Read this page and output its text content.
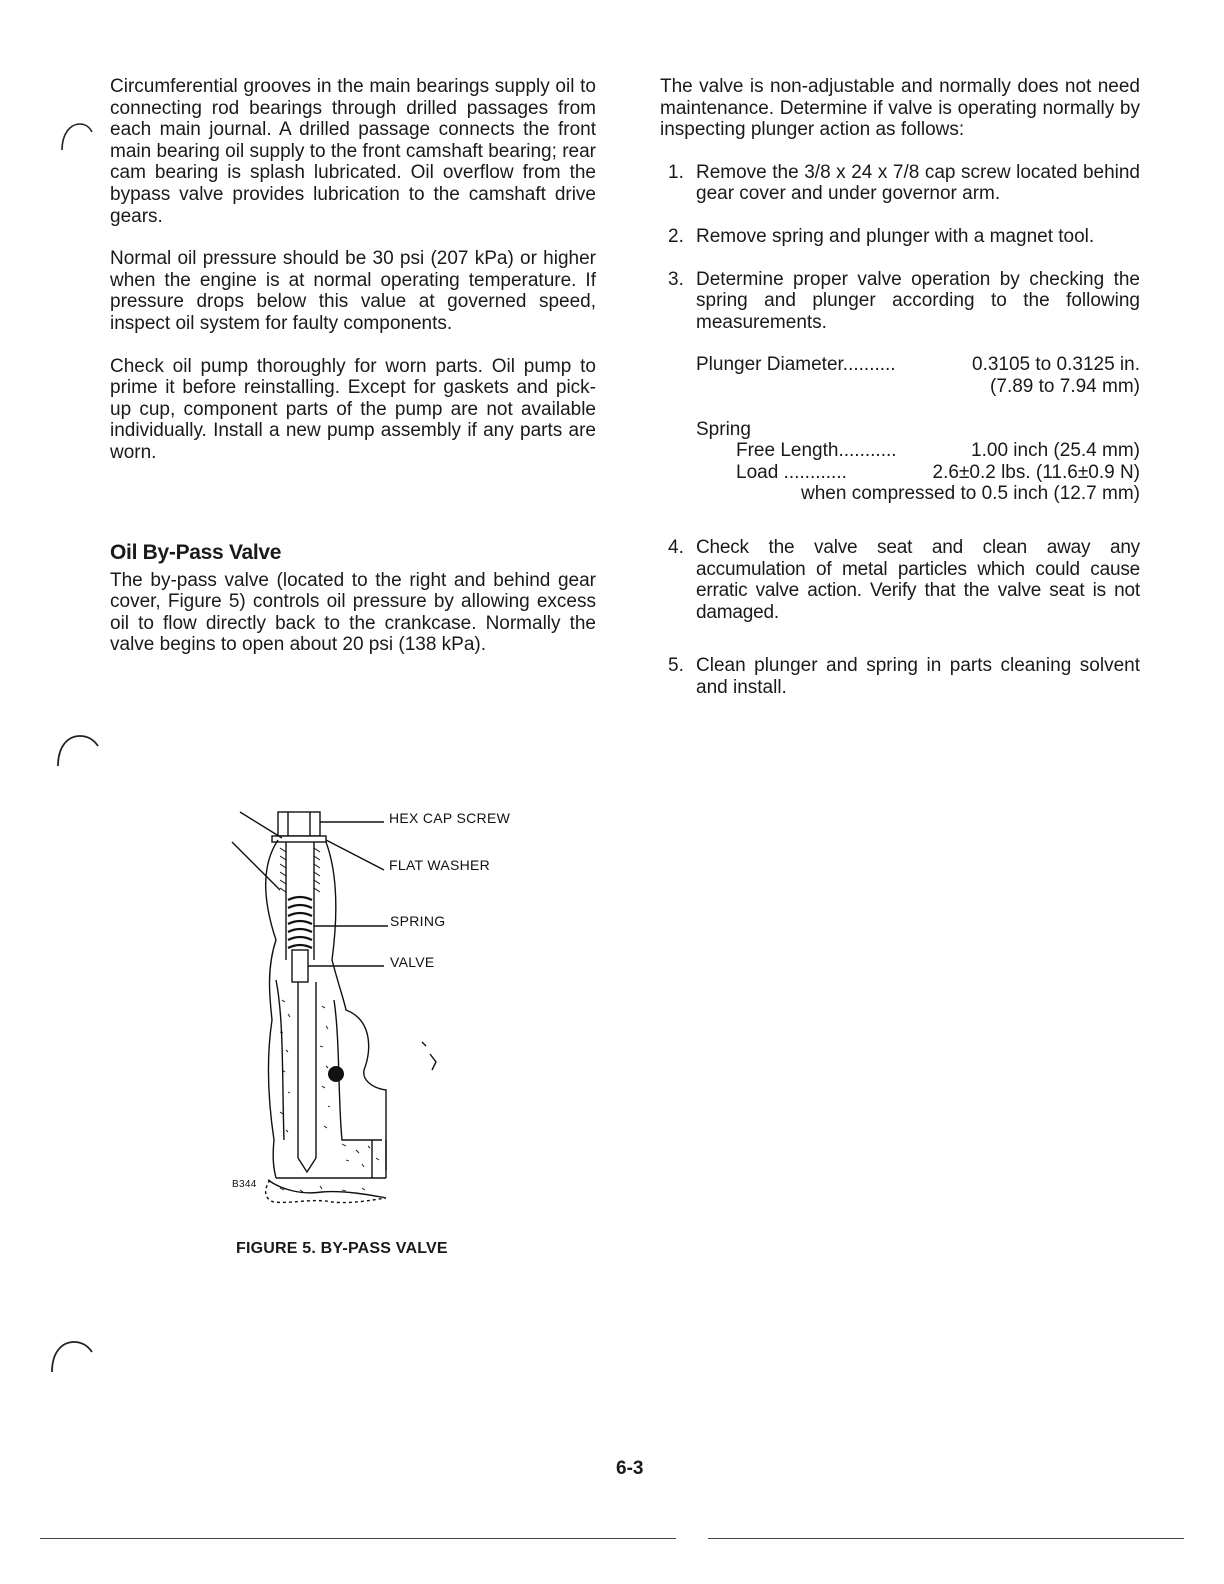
Circumferential grooves in the main bearings supply oil to connecting rod bearings through drilled passages from each main journal. A drilled passage connects the front main bearing oil supply to the front camshaft bearing; rear cam bearing is splash lubricated. Oil overflow from the bypass valve provides lubrication to the camshaft drive gears.

Normal oil pressure should be 30 psi (207 kPa) or higher when the engine is at normal operating temperature. If pressure drops below this value at governed speed, inspect oil system for faulty components.

Check oil pump thoroughly for worn parts. Oil pump to prime it before reinstalling. Except for gaskets and pick-up cup, component parts of the pump are not available individually. Install a new pump assembly if any parts are worn.

Oil By-Pass Valve

The by-pass valve (located to the right and behind gear cover, Figure 5) controls oil pressure by allowing excess oil to flow directly back to the crankcase. Normally the valve begins to open about 20 psi (138 kPa).

The valve is non-adjustable and normally does not need maintenance. Determine if valve is operating normally by inspecting plunger action as follows:

1. Remove the 3/8 x 24 x 7/8 cap screw located behind gear cover and under governor arm.

2. Remove spring and plunger with a magnet tool.

3. Determine proper valve operation by checking the spring and plunger according to the following measurements.

Plunger Diameter..........	0.3105 to 0.3125 in.
(7.89 to 7.94 mm)
Spring
Free Length...........	1.00 inch (25.4 mm)
Load ............	2.6±0.2 lbs. (11.6±0.9 N)
when compressed to 0.5 inch (12.7 mm)
4. Check the valve seat and clean away any accumulation of metal particles which could cause erratic valve action. Verify that the valve seat is not damaged.

5. Clean plunger and spring in parts cleaning solvent and install.

HEX CAP SCREW
FLAT WASHER
SPRING
VALVE
B344
FIGURE 5. BY-PASS VALVE
6-3
